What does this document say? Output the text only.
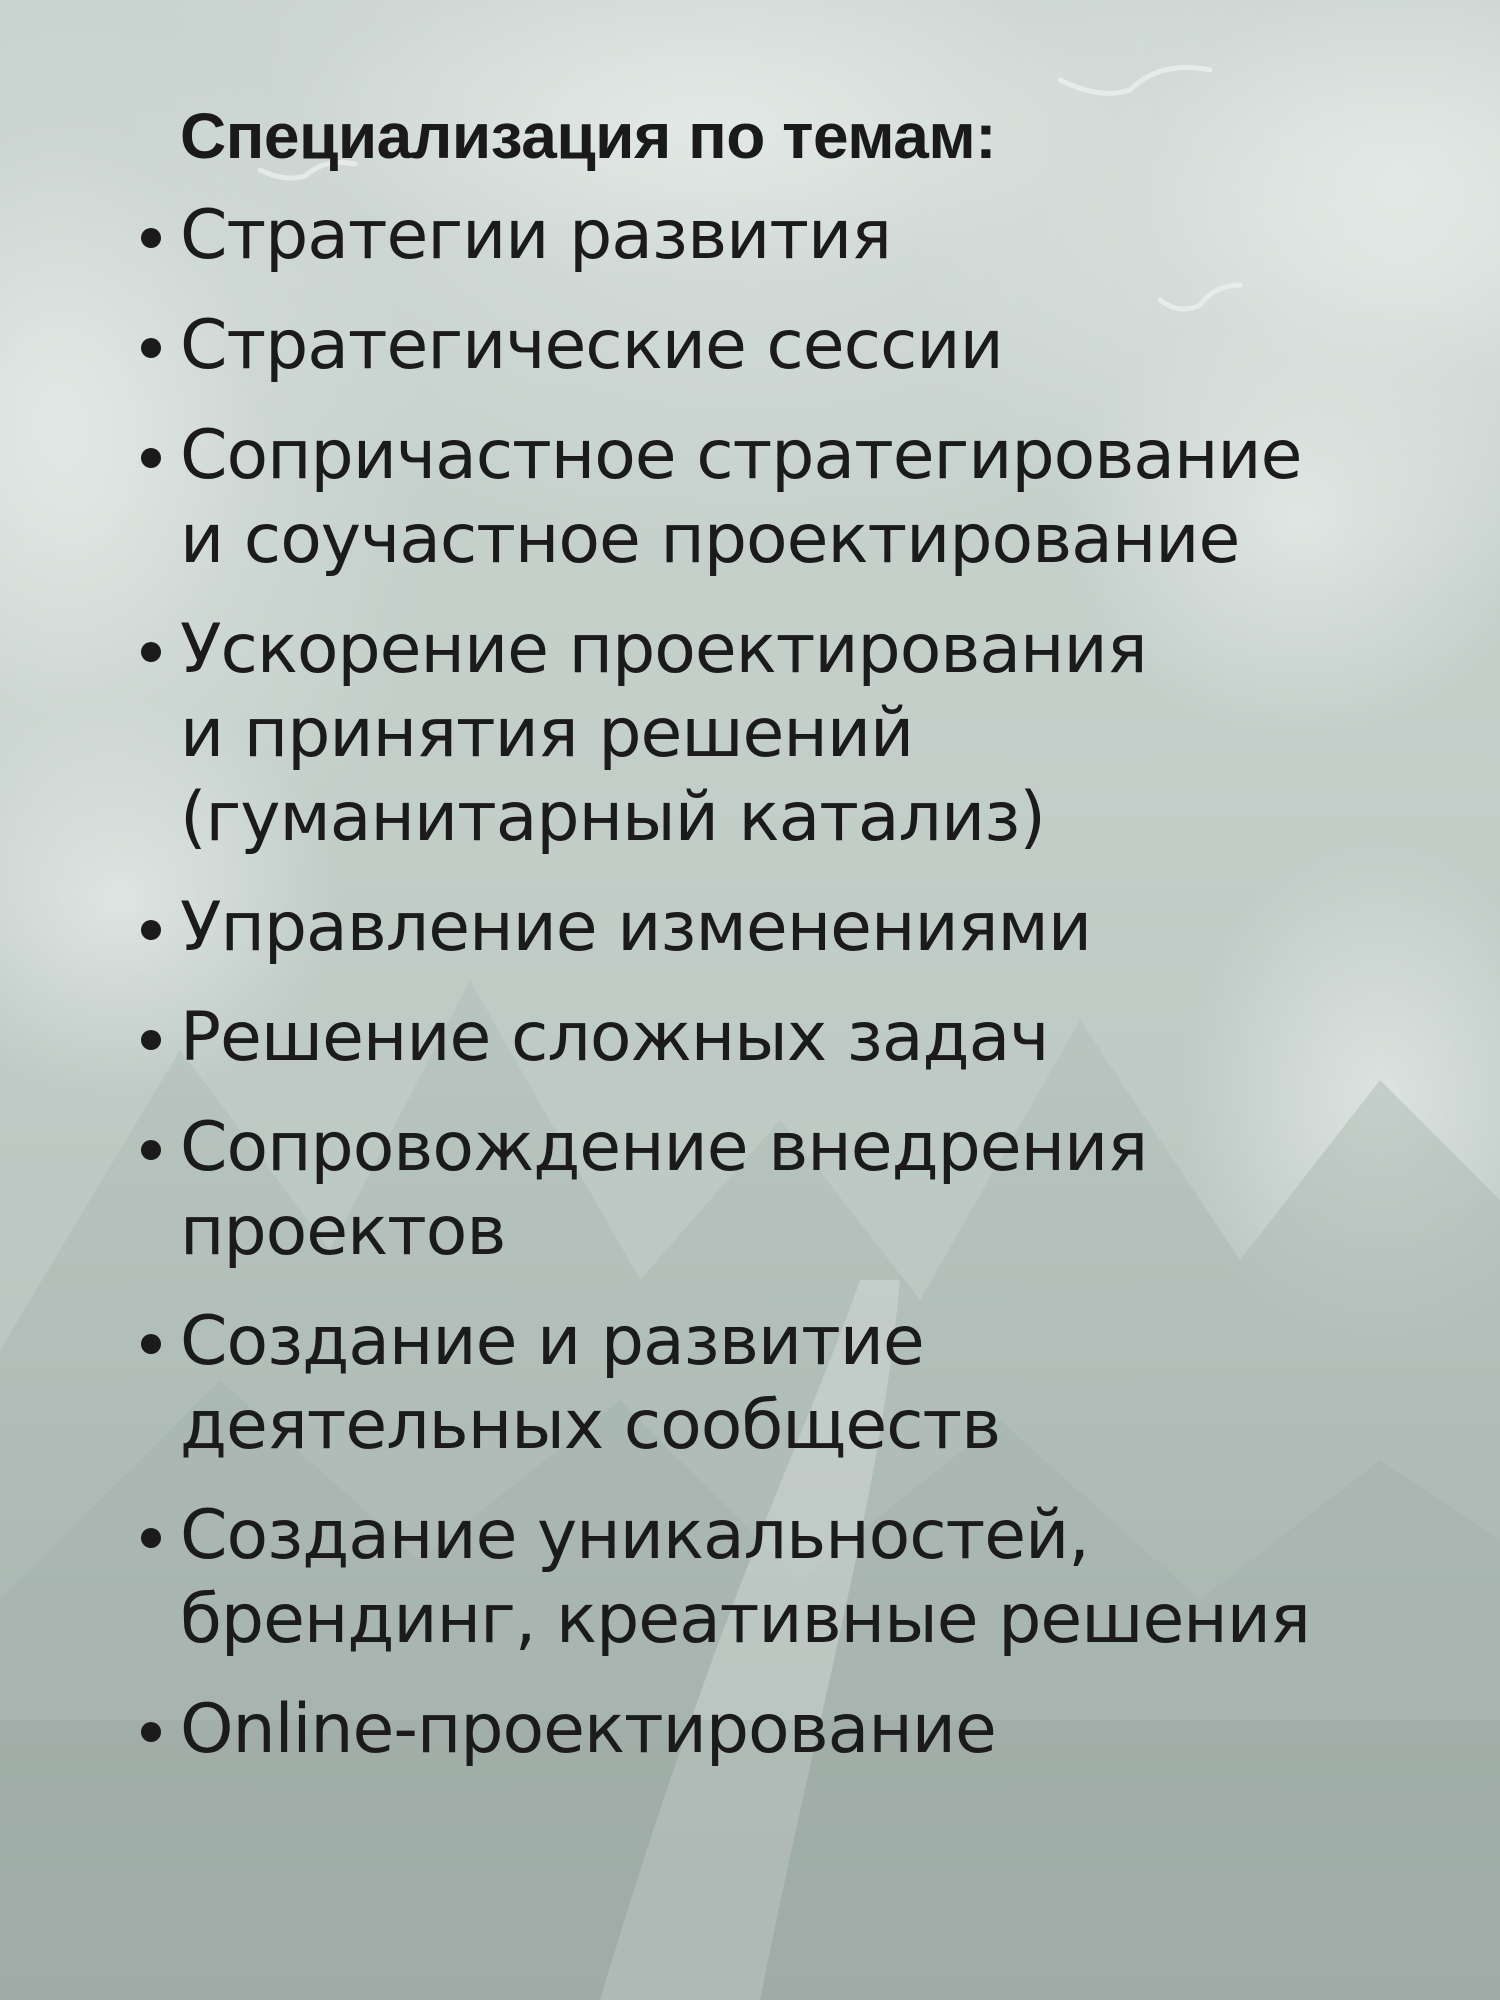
Специализация по темам:
Стратегии развития
Стратегические сессии
Сопричастное стратегирование
и соучастное проектирование
Ускорение проектирования
и принятия решений
(гуманитарный катализ)
Управление изменениями
Решение сложных задач
Сопровождение внедрения
проектов
Создание и развитие
деятельных сообществ
Создание уникальностей,
брендинг, креативные решения
Online-проектирование
